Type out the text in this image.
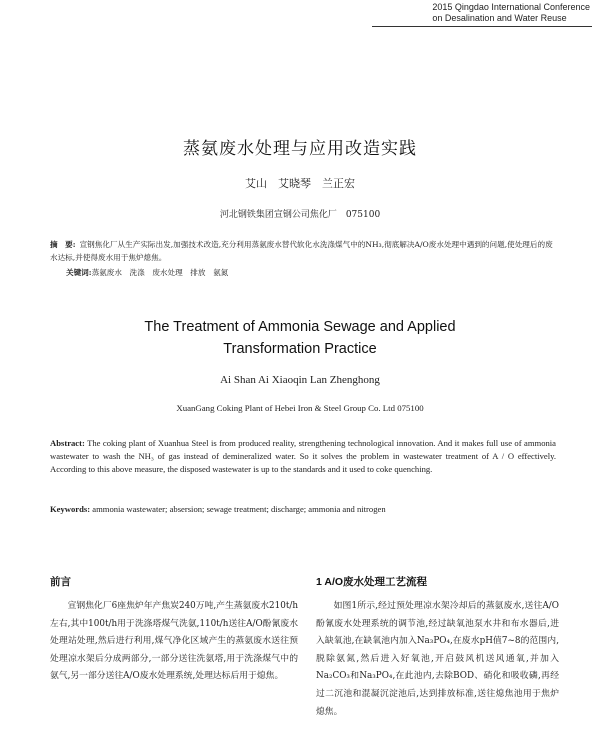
2015 Qingdao International Conference
on Desalination and Water Reuse
蒸氨废水处理与应用改造实践
艾山　艾晓琴　兰正宏
河北钢铁集团宣钢公司焦化厂　075100
摘　要: 宣钢焦化厂从生产实际出发,加强技术改造,充分利用蒸氨废水替代软化水洗涤煤气中的NH₃,彻底解决A/O废水处理中遇到的问题,使处理后的废水达标,并使得废水用于焦炉熄焦。
关键词:蒸氨废水　洗涤　废水处理　排放　氨氮
The Treatment of Ammonia Sewage and Applied
Transformation Practice
Ai Shan Ai Xiaoqin Lan Zhenghong
XuanGang Coking Plant of Hebei Iron & Steel Group Co. Ltd 075100
Abstract: The coking plant of Xuanhua Steel is from produced reality, strengthening technological innovation. And it makes full use of ammonia wastewater to wash the NH₃ of gas instead of demineralized water. So it solves the problem in wastewater treatment of A / O effectively. According to this above measure, the disposed wastewater is up to the standards and it used to coke quenching.
Keywords: ammonia wastewater; absersion; sewage treatment; discharge; ammonia and nitrogen
前言	1 A/O废水处理工艺流程

宣钢焦化厂6座焦炉年产焦炭240万吨,产生蒸氨废水210t/h左右,其中100t/h用于洗涤塔煤气洗氨,110t/h送往A/O酚氰废水处理站处理,然后进行利用,煤气净化区域产生的蒸氨废水送往预处理凉水架后分成两部分,一部分送往洗氨塔,用于洗涤煤气中的氨气,另一部分送往A/O废水处理系统,处理达标后用于熄焦。

如图1所示,经过预处理凉水架冷却后的蒸氨废水,送往A/O酚氰废水处理系统的调节池,经过缺氧池泵水井和布水器后,进入缺氧池,在缺氧池内加入Na₃PO₄,在废水pH值7~8的范围内,脱除氨氮,然后进入好氧池,开启鼓风机送风通氧,并加入Na₂CO₃和Na₃PO₄,在此池内,去除BOD、硝化和吸收磷,再经过二沉池和混凝沉淀池后,达到排放标准,送往熄焦池用于焦炉熄焦。
